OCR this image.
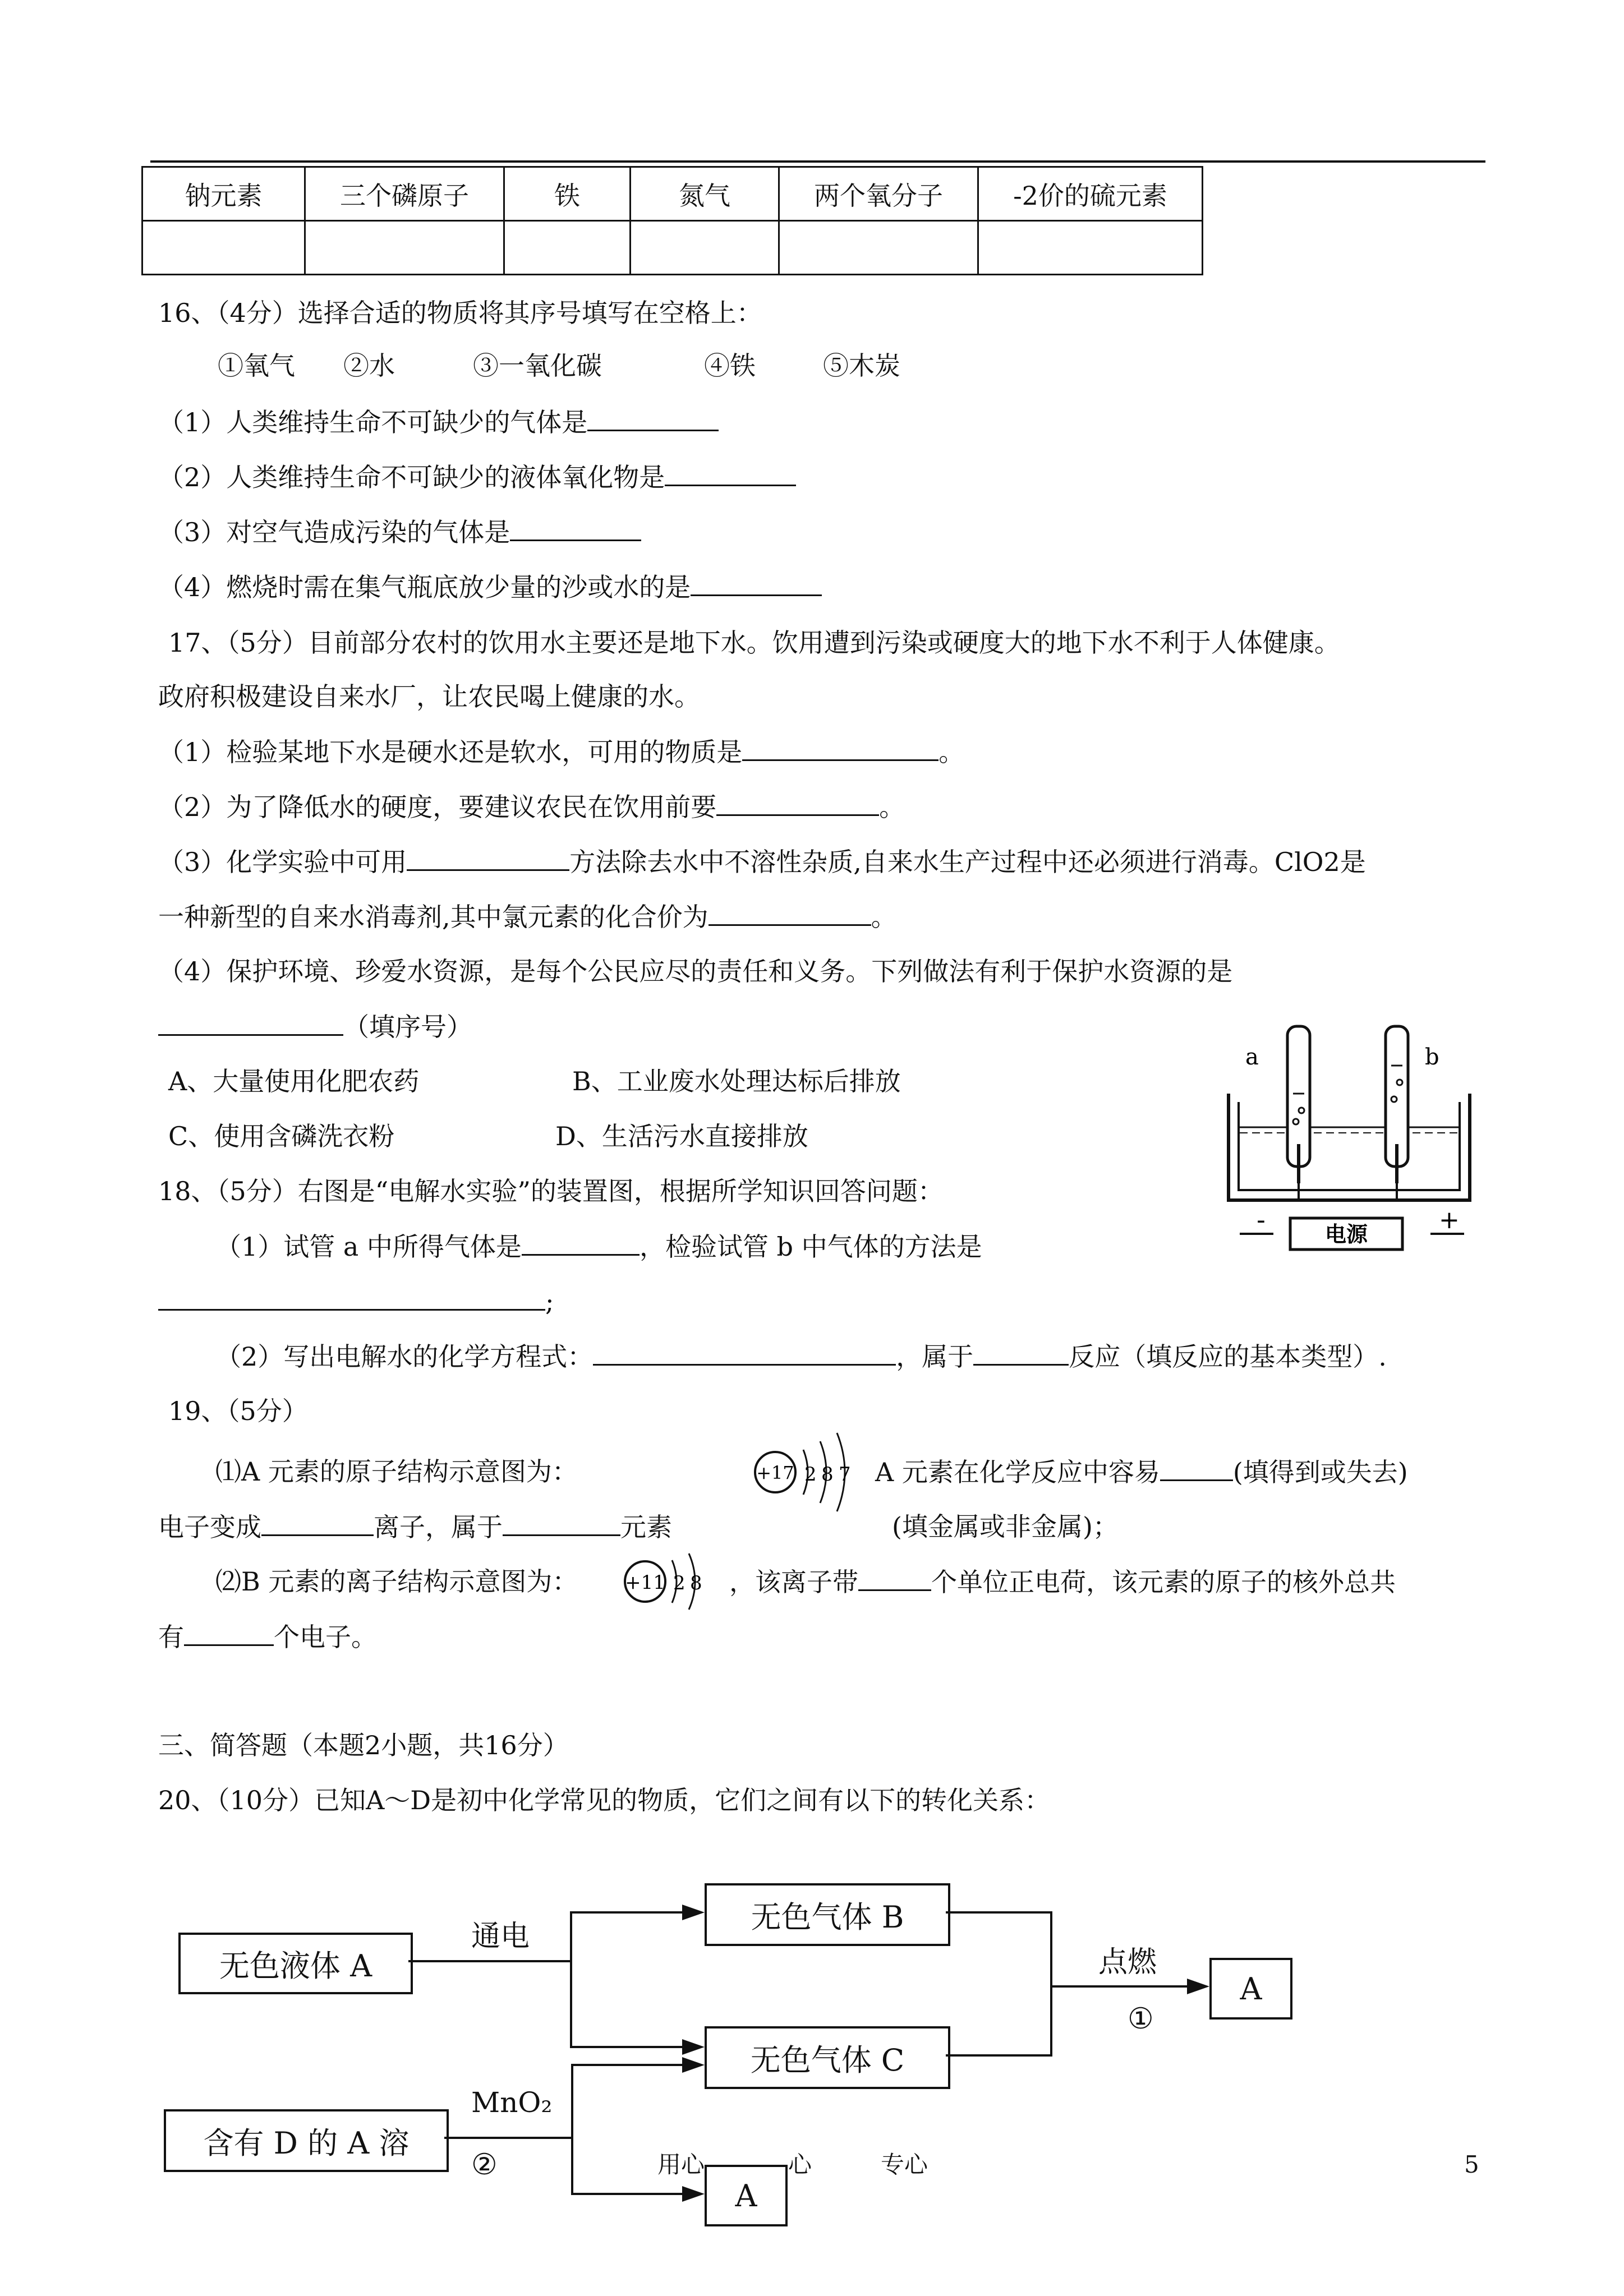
钠元素	三个磷原子	铁	氮气	两个氧分子	-2价的硫元素

16、（4分）选择合适的物质将其序号填写在空格上：
①氧气 ②水	③一氧化碳	④铁	⑤木炭
（1）人类维持生命不可缺少的气体是
（2）人类维持生命不可缺少的液体氧化物是
（3）对空气造成污染的气体是
（4）燃烧时需在集气瓶底放少量的沙或水的是
17、（5分）目前部分农村的饮用水主要还是地下水。饮用遭到污染或硬度大的地下水不利于人体健康。
政府积极建设自来水厂，让农民喝上健康的水。
（1）检验某地下水是硬水还是软水，可用的物质是	。
（2）为了降低水的硬度，要建议农民在饮用前要	。
（3）化学实验中可用	方法除去水中不溶性杂质,自来水生产过程中还必须进行消毒。ClO2是
一种新型的自来水消毒剂,其中氯元素的化合价为	。
（4）保护环境、珍爱水资源，是每个公民应尽的责任和义务。下列做法有利于保护水资源的是
（填序号）
A、大量使用化肥农药	B、工业废水处理达标后排放
C、使用含磷洗衣粉	D、生活污水直接排放
a	b
电源
-	+
18、（5分）右图是“电解水实验”的装置图，根据所学知识回答问题：
（1）试管 a 中所得气体是	，检验试管 b 中气体的方法是
;
（2）写出电解水的化学方程式：	，属于	反应（填反应的基本类型）.
19、（5分）
⑴A 元素的原子结构示意图为：	+17 2 8 7 A 元素在化学反应中容易	(填得到或失去)
电子变成	离子，属于	元素	(填金属或非金属)；
⑵B 元素的离子结构示意图为： +11 2 8 ，该离子带	个单位正电荷，该元素的原子的核外总共
有	个电子。
三、简答题（本题2小题，共16分）
20、（10分）已知A～D是初中化学常见的物质，它们之间有以下的转化关系：
无色液体 A
无色气体 B
无色气体 C
A
含有 D 的 A 溶
A
通电
点燃
①
MnO₂
②	用心	心	专心	5
